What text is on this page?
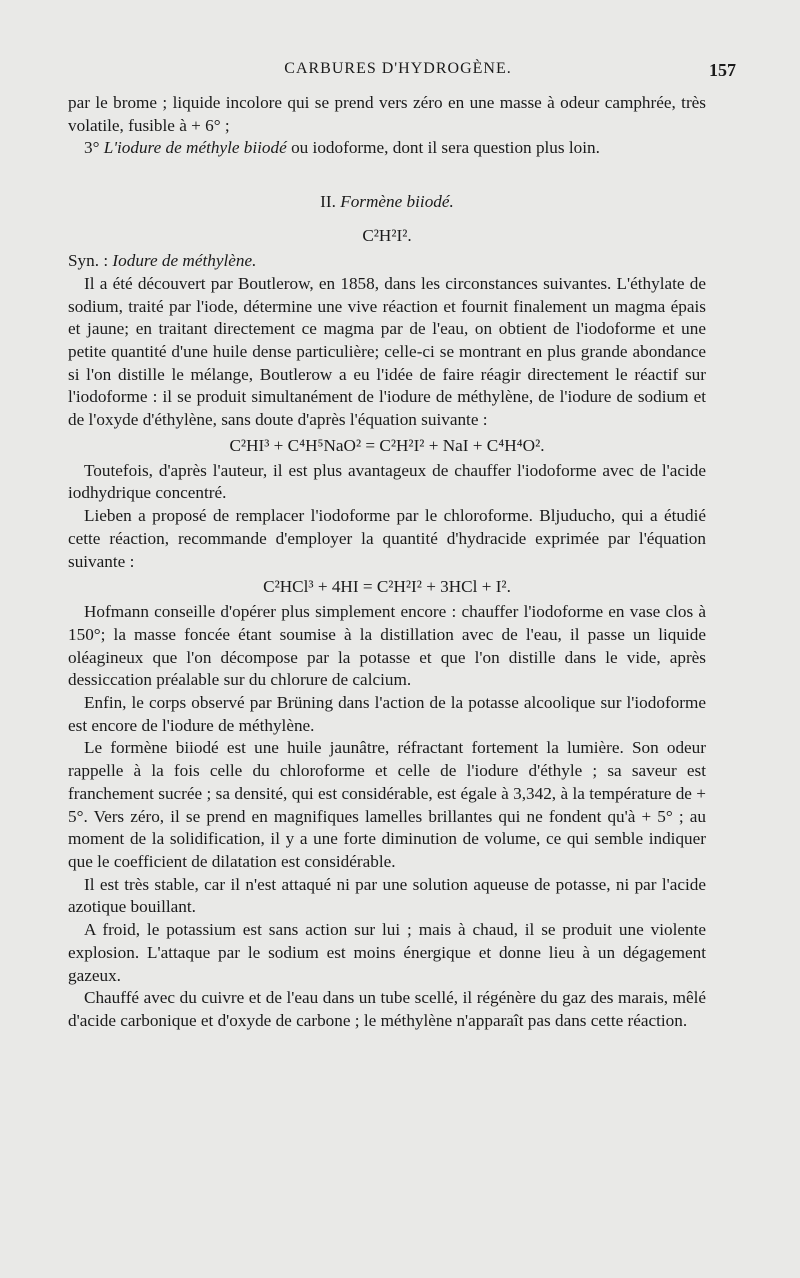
CARBURES D'HYDROGÈNE.	157

par le brome ; liquide incolore qui se prend vers zéro en une masse à odeur camphrée, très volatile, fusible à + 6° ;

3° L'iodure de méthyle biiodé ou iodoforme, dont il sera question plus loin.

II. Formène biiodé.

C²H²I².

Syn. : Iodure de méthylène.

Il a été découvert par Boutlerow, en 1858, dans les circonstances suivantes. L'éthylate de sodium, traité par l'iode, détermine une vive réaction et fournit finalement un magma épais et jaune; en traitant directement ce magma par de l'eau, on obtient de l'iodoforme et une petite quantité d'une huile dense particulière; celle-ci se montrant en plus grande abondance si l'on distille le mélange, Boutlerow a eu l'idée de faire réagir directement le réactif sur l'iodoforme : il se produit simultanément de l'iodure de méthylène, de l'iodure de sodium et de l'oxyde d'éthylène, sans doute d'après l'équation suivante :

C²HI³ + C⁴H⁵NaO² = C²H²I² + NaI + C⁴H⁴O².

Toutefois, d'après l'auteur, il est plus avantageux de chauffer l'iodoforme avec de l'acide iodhydrique concentré.

Lieben a proposé de remplacer l'iodoforme par le chloroforme. Bljuducho, qui a étudié cette réaction, recommande d'employer la quantité d'hydracide exprimée par l'équation suivante :

C²HCl³ + 4HI = C²H²I² + 3HCl + I².

Hofmann conseille d'opérer plus simplement encore : chauffer l'iodoforme en vase clos à 150°; la masse foncée étant soumise à la distillation avec de l'eau, il passe un liquide oléagineux que l'on décompose par la potasse et que l'on distille dans le vide, après dessiccation préalable sur du chlorure de calcium.

Enfin, le corps observé par Brüning dans l'action de la potasse alcoolique sur l'iodoforme est encore de l'iodure de méthylène.

Le formène biiodé est une huile jaunâtre, réfractant fortement la lumière. Son odeur rappelle à la fois celle du chloroforme et celle de l'iodure d'éthyle ; sa saveur est franchement sucrée ; sa densité, qui est considérable, est égale à 3,342, à la température de + 5°. Vers zéro, il se prend en magnifiques lamelles brillantes qui ne fondent qu'à + 5° ; au moment de la solidification, il y a une forte diminution de volume, ce qui semble indiquer que le coefficient de dilatation est considérable.

Il est très stable, car il n'est attaqué ni par une solution aqueuse de potasse, ni par l'acide azotique bouillant.

A froid, le potassium est sans action sur lui ; mais à chaud, il se produit une violente explosion. L'attaque par le sodium est moins énergique et donne lieu à un dégagement gazeux.

Chauffé avec du cuivre et de l'eau dans un tube scellé, il régénère du gaz des marais, mêlé d'acide carbonique et d'oxyde de carbone ; le méthylène n'apparaît pas dans cette réaction.
